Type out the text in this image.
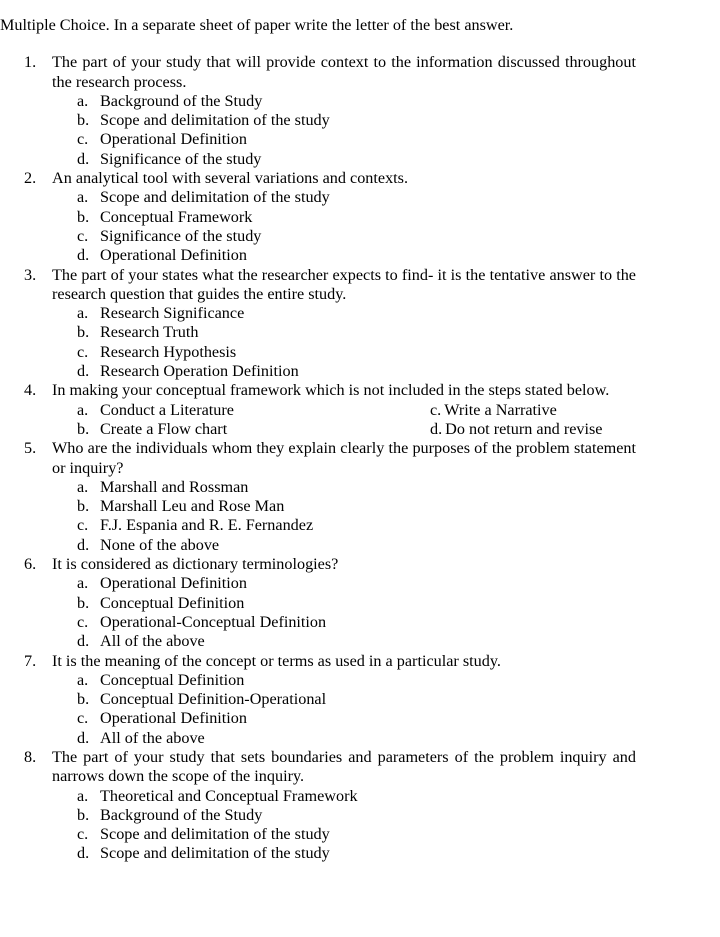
Multiple Choice. In a separate sheet of paper write the letter of the best answer.

1. The part of your study that will provide context to the information discussed throughout the research process.
a. Background of the Study
b. Scope and delimitation of the study
c. Operational Definition
d. Significance of the study
2. An analytical tool with several variations and contexts.
a. Scope and delimitation of the study
b. Conceptual Framework
c. Significance of the study
d. Operational Definition
3. The part of your states what the researcher expects to find- it is the tentative answer to the research question that guides the entire study.
a. Research Significance
b. Research Truth
c. Research Hypothesis
d. Research Operation Definition
4. In making your conceptual framework which is not included in the steps stated below.
a. Conduct a Literature	c. Write a Narrative
b. Create a Flow chart	d. Do not return and revise
5. Who are the individuals whom they explain clearly the purposes of the problem statement or inquiry?
a. Marshall and Rossman
b. Marshall Leu and Rose Man
c. F.J. Espania and R. E. Fernandez
d. None of the above
6. It is considered as dictionary terminologies?
a. Operational Definition
b. Conceptual Definition
c. Operational-Conceptual Definition
d. All of the above
7. It is the meaning of the concept or terms as used in a particular study.
a. Conceptual Definition
b. Conceptual Definition-Operational
c. Operational Definition
d. All of the above
8. The part of your study that sets boundaries and parameters of the problem inquiry and narrows down the scope of the inquiry.
a. Theoretical and Conceptual Framework
b. Background of the Study
c. Scope and delimitation of the study
d. Scope and delimitation of the study
